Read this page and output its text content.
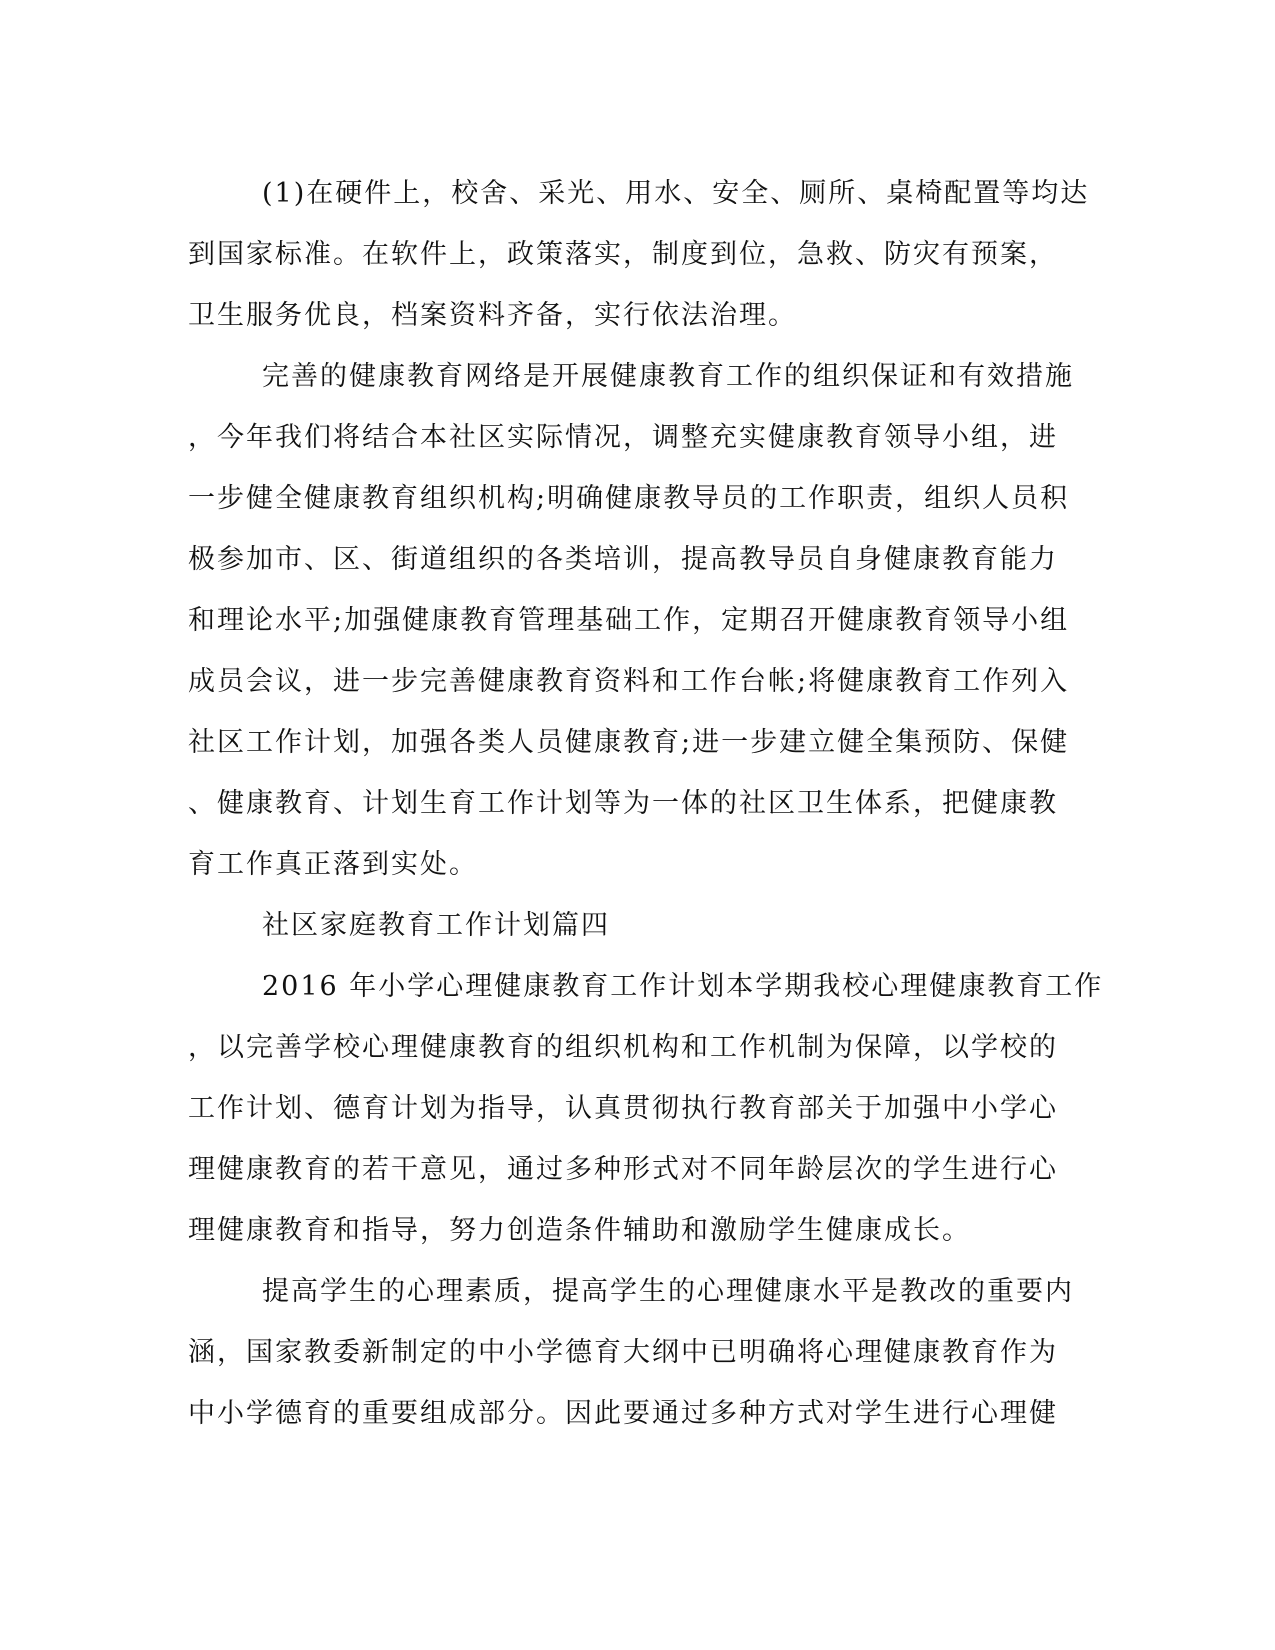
(1)在硬件上，校舍、采光、用水、安全、厕所、桌椅配置等均达
到国家标准。在软件上，政策落实，制度到位，急救、防灾有预案，
卫生服务优良，档案资料齐备，实行依法治理。

完善的健康教育网络是开展健康教育工作的组织保证和有效措施
，今年我们将结合本社区实际情况，调整充实健康教育领导小组，进
一步健全健康教育组织机构;明确健康教导员的工作职责，组织人员积
极参加市、区、街道组织的各类培训，提高教导员自身健康教育能力
和理论水平;加强健康教育管理基础工作，定期召开健康教育领导小组
成员会议，进一步完善健康教育资料和工作台帐;将健康教育工作列入
社区工作计划，加强各类人员健康教育;进一步建立健全集预防、保健
、健康教育、计划生育工作计划等为一体的社区卫生体系，把健康教
育工作真正落到实处。

社区家庭教育工作计划篇四

2016 年小学心理健康教育工作计划本学期我校心理健康教育工作
，以完善学校心理健康教育的组织机构和工作机制为保障，以学校的
工作计划、德育计划为指导，认真贯彻执行教育部关于加强中小学心
理健康教育的若干意见，通过多种形式对不同年龄层次的学生进行心
理健康教育和指导，努力创造条件辅助和激励学生健康成长。

提高学生的心理素质，提高学生的心理健康水平是教改的重要内
涵，国家教委新制定的中小学德育大纲中已明确将心理健康教育作为
中小学德育的重要组成部分。因此要通过多种方式对学生进行心理健
